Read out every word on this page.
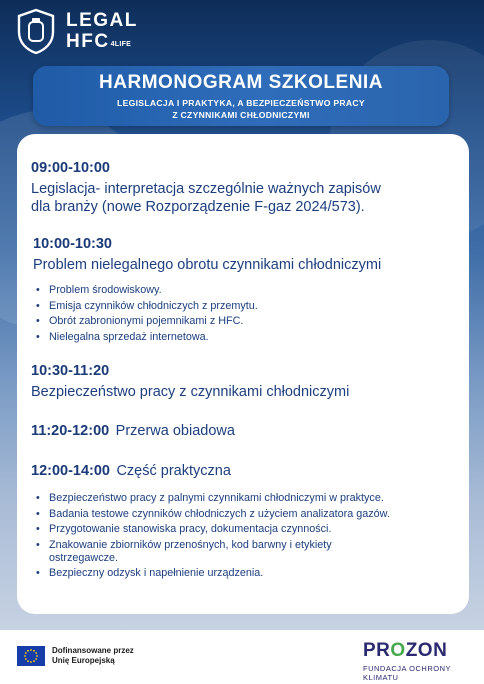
LEGAL
$HFC^{4LIFE}$
HARMONOGRAM SZKOLENIA
LEGISLACJA I PRAKTYKA, A BEZPIECZEŃSTWO PRACY
Z CZYNNIKAMI CHŁODNICZYMI
09:00-10:00
Legislacja- interpretacja szczególnie ważnych zapisów
dla branży (nowe Rozporządzenie F-gaz 2024/573).
10:00-10:30
Problem nielegalnego obrotu czynnikami chłodniczymi
• Problem środowiskowy.
• Emisja czynników chłodniczych z przemytu.
• Obrót zabronionymi pojemnikami z HFC.
• Nielegalna sprzedaż internetowa.
10:30-11:20
Bezpieczeństwo pracy z czynnikami chłodniczymi
11:20-12:00 Przerwa obiadowa
12:00-14:00 Część praktyczna
• Bezpieczeństwo pracy z palnymi czynnikami chłodniczymi w praktyce.
• Badania testowe czynników chłodniczych z użyciem analizatora gazów.
• Przygotowanie stanowiska pracy, dokumentacja czynności.
• Znakowanie zbiorników przenośnych, kod barwny i etykiety
ostrzegawcze.
• Bezpieczny odzysk i napełnienie urządzenia.
Dofinansowane przez
Unię Europejską	PROZON
FUNDACJA OCHRONY KLIMATU
